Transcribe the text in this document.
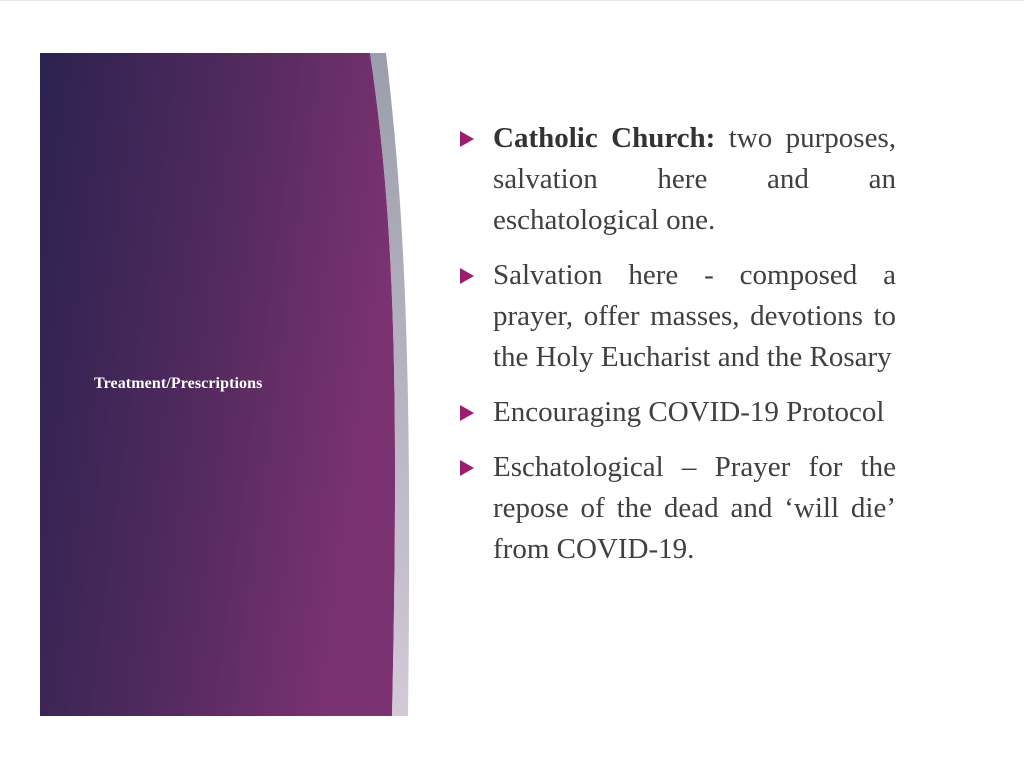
Treatment/Prescriptions
Catholic Church: two purposes, salvation here and an eschatological one.
Salvation here - composed a prayer, offer masses, devotions to the Holy Eucharist and the Rosary
Encouraging COVID-19 Protocol
Eschatological – Prayer for the repose of the dead and ‘will die’ from COVID-19.
